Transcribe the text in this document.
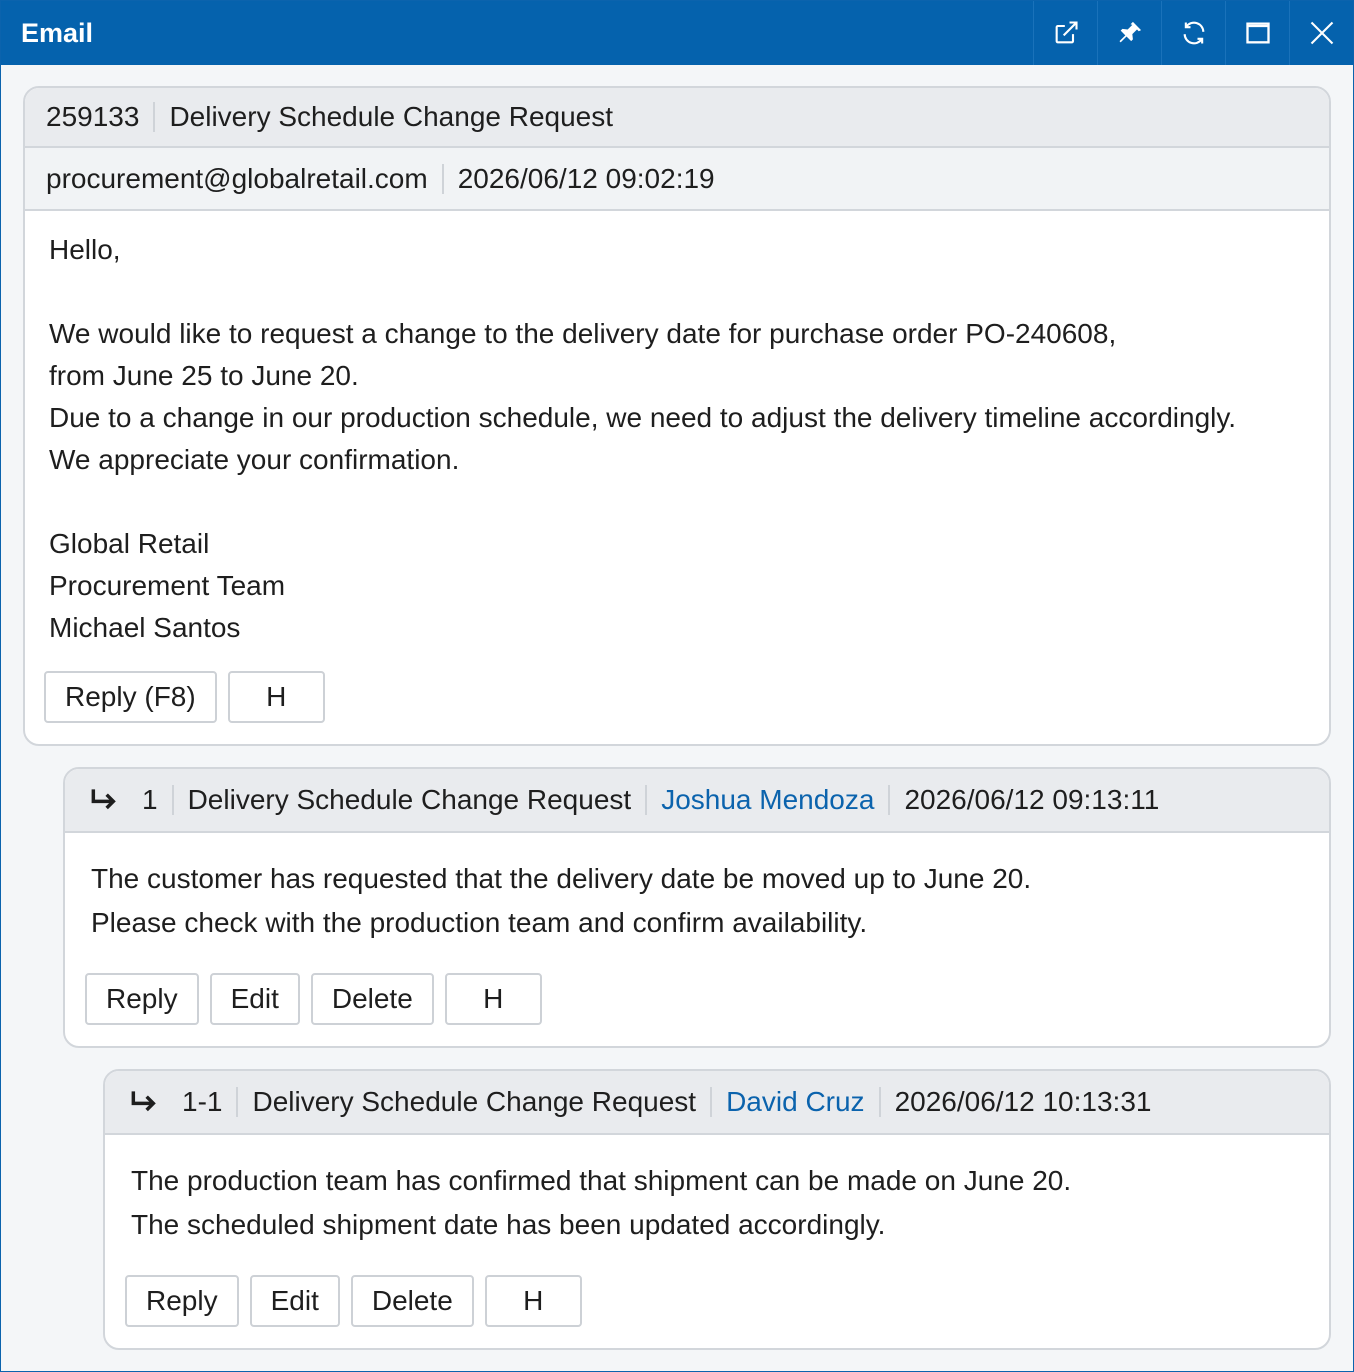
Email
259133 Delivery Schedule Change Request
procurement@globalretail.com 2026/06/12 09:02:19
Hello,

We would like to request a change to the delivery date for purchase order PO-240608,
from June 25 to June 20.
Due to a change in our production schedule, we need to adjust the delivery timeline accordingly.
We appreciate your confirmation.

Global Retail
Procurement Team
Michael Santos
Reply (F8)	H
1 Delivery Schedule Change Request Joshua Mendoza 2026/06/12 09:13:11
The customer has requested that the delivery date be moved up to June 20.
Please check with the production team and confirm availability.
Reply	Edit	Delete	H
1-1 Delivery Schedule Change Request David Cruz 2026/06/12 10:13:31
The production team has confirmed that shipment can be made on June 20.
The scheduled shipment date has been updated accordingly.
Reply	Edit	Delete	H
